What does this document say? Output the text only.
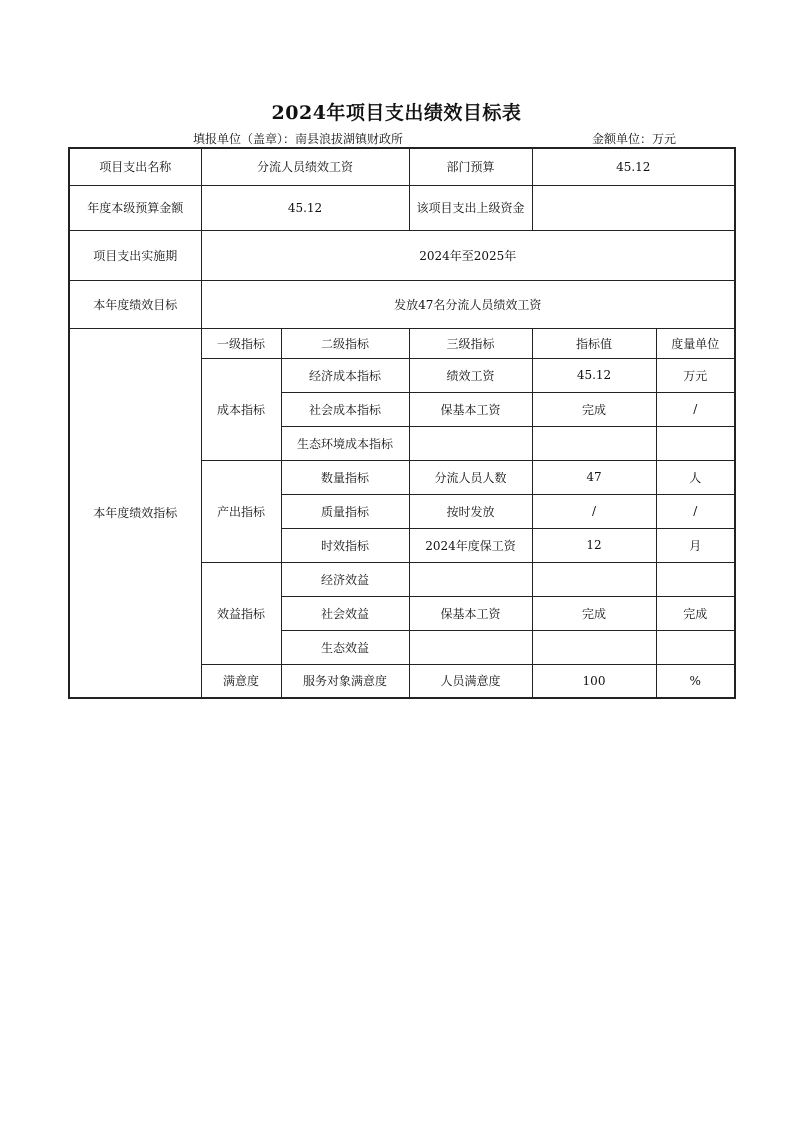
2024年项目支出绩效目标表
填报单位（盖章）：南县浪拔湖镇财政所	金额单位：万元
项目支出名称	分流人员绩效工资		部门预算	45.12	
年度本级预算金额	45.12		该项目支出上级资金		
项目支出实施期	2024年至2025年				
本年度绩效目标	发放47名分流人员绩效工资				
本年度绩效指标	一级指标	二级指标	三级指标	指标值	度量单位
	成本指标	经济成本指标	绩效工资	45.12	万元
		社会成本指标	保基本工资	完成	/
		生态环境成本指标			
	产出指标	数量指标	分流人员人数	47	人
		质量指标	按时发放	/	/
		时效指标	2024年度保工资	12	月
	效益指标	经济效益			
		社会效益	保基本工资	完成	完成
		生态效益			
	满意度	服务对象满意度	人员满意度	100	%
